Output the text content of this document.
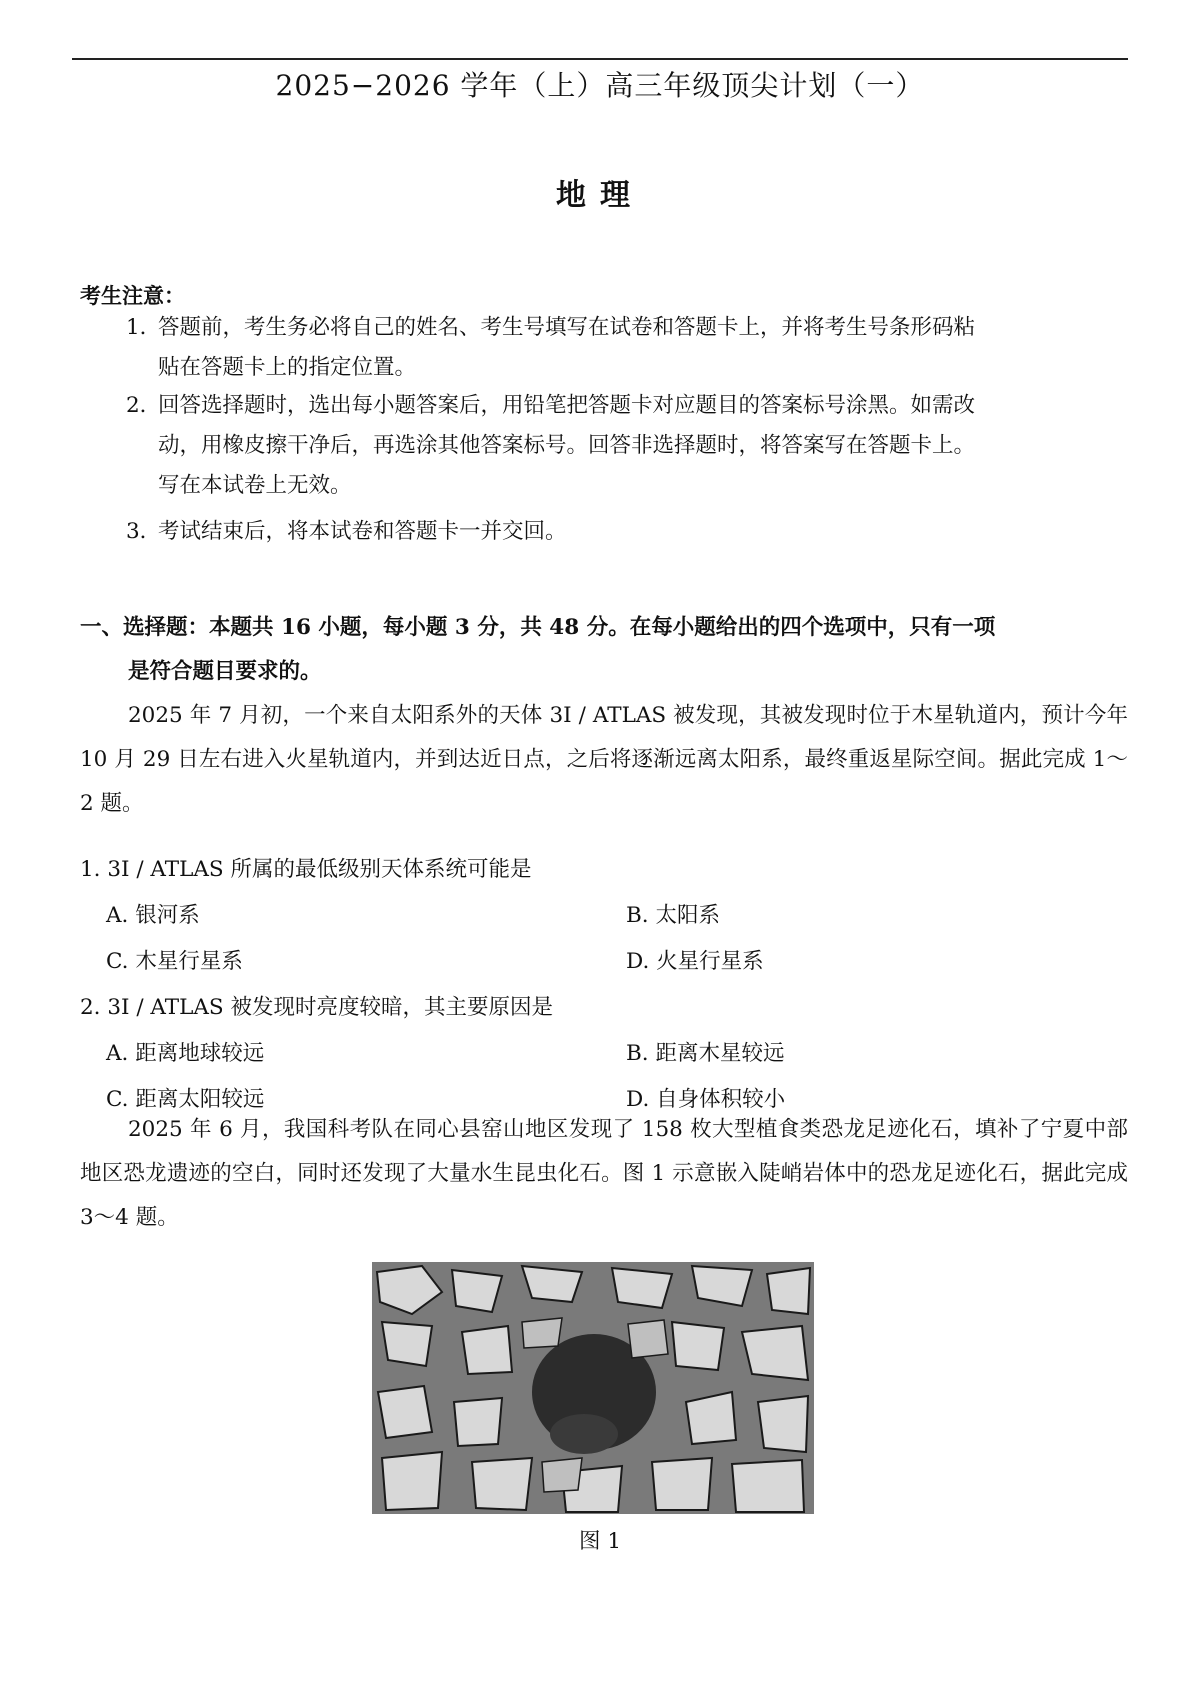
2025−2026 学年（上）高三年级顶尖计划（一）
地理
考生注意：
1．答题前，考生务必将自己的姓名、考生号填写在试卷和答题卡上，并将考生号条形码粘
贴在答题卡上的指定位置。
2．回答选择题时，选出每小题答案后，用铅笔把答题卡对应题目的答案标号涂黑。如需改
动，用橡皮擦干净后，再选涂其他答案标号。回答非选择题时，将答案写在答题卡上。
写在本试卷上无效。
3．考试结束后，将本试卷和答题卡一并交回。
一、选择题：本题共 16 小题，每小题 3 分，共 48 分。在每小题给出的四个选项中，只有一项
是符合题目要求的。
2025 年 7 月初，一个来自太阳系外的天体 3I / ATLAS 被发现，其被发现时位于木星轨道内，预计今年 10 月 29 日左右进入火星轨道内，并到达近日点，之后将逐渐远离太阳系，最终重返星际空间。据此完成 1～2 题。
1. 3I / ATLAS 所属的最低级别天体系统可能是
A. 银河系	B. 太阳系
C. 木星行星系	D. 火星行星系
2. 3I / ATLAS 被发现时亮度较暗，其主要原因是
A. 距离地球较远	B. 距离木星较远
C. 距离太阳较远	D. 自身体积较小
2025 年 6 月，我国科考队在同心县窑山地区发现了 158 枚大型植食类恐龙足迹化石，填补了宁夏中部地区恐龙遗迹的空白，同时还发现了大量水生昆虫化石。图 1 示意嵌入陡峭岩体中的恐龙足迹化石，据此完成 3～4 题。
图 1
